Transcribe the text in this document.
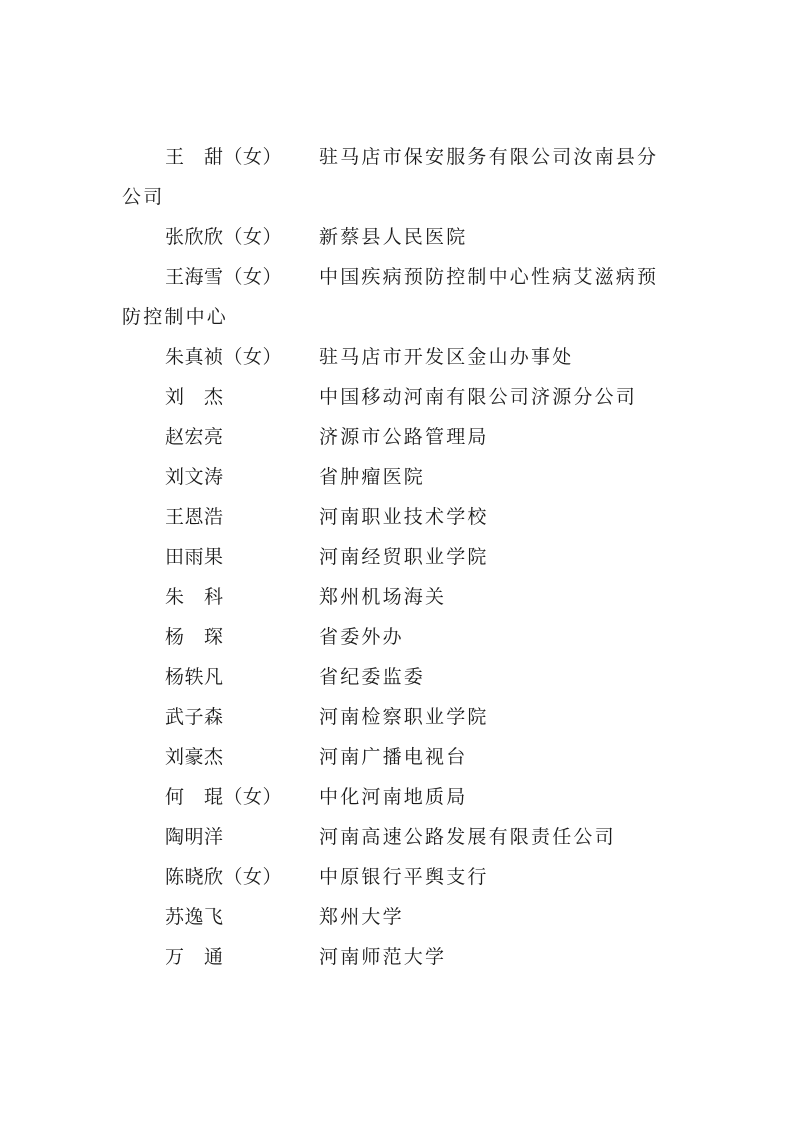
王　甜（女） 驻马店市保安服务有限公司汝南县分
公司
张欣欣（女） 新蔡县人民医院
王海雪（女） 中国疾病预防控制中心性病艾滋病预
防控制中心
朱真祯（女） 驻马店市开发区金山办事处
刘　杰	中国移动河南有限公司济源分公司
赵宏亮	济源市公路管理局
刘文涛	省肿瘤医院
王恩浩	河南职业技术学校
田雨果	河南经贸职业学院
朱　科	郑州机场海关
杨　琛	省委外办
杨轶凡	省纪委监委
武子森	河南检察职业学院
刘豪杰	河南广播电视台
何　琨（女） 中化河南地质局
陶明洋	河南高速公路发展有限责任公司
陈晓欣（女） 中原银行平舆支行
苏逸飞	郑州大学
万　通	河南师范大学
